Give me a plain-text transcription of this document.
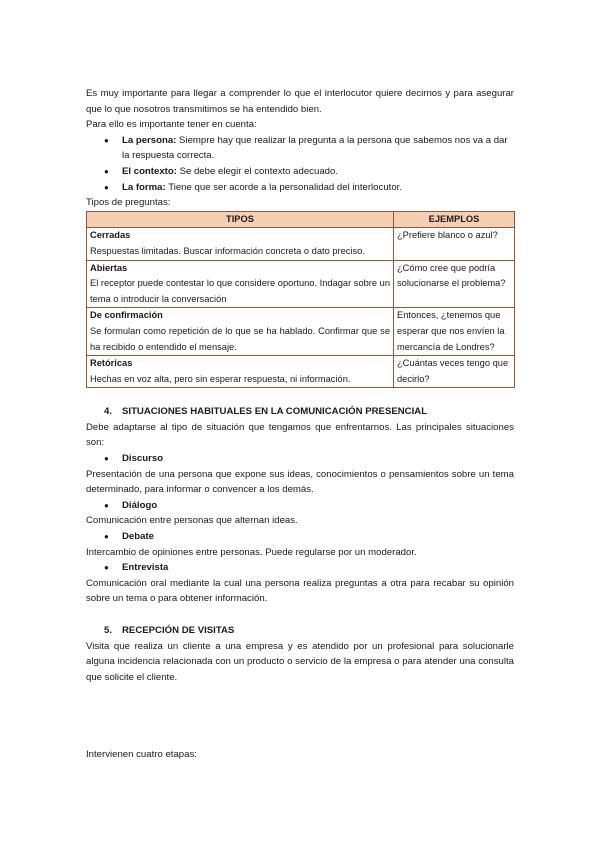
Es muy importante para llegar a comprender lo que el interlocutor quiere decirnos y para asegurar que lo que nosotros transmitimos se ha entendido bien.

Para ello es importante tener en cuenta:

● La persona: Siempre hay que realizar la pregunta a la persona que sabemos nos va a dar la respuesta correcta.
● El contexto: Se debe elegir el contexto adecuado.
● La forma: Tiene que ser acorde a la personalidad del interlocutor.

Tipos de preguntas:

TIPOS	EJEMPLOS

Cerradas
Respuestas limitadas. Buscar información concreta o dato preciso.	¿Prefiere blanco o azul?

Abiertas
El receptor puede contestar lo que considere oportuno. Indagar sobre un tema o introducir la conversación	¿Cómo cree que podría solucionarse el problema?

De confirmación
Se formulan como repetición de lo que se ha hablado. Confirmar que se ha recibido o entendido el mensaje.	Entonces, ¿tenemos que esperar que nos envíen la mercancía de Londres?

Retóricas
Hechas en voz alta, pero sin esperar respuesta, ni información.	¿Cuántas veces tengo que decirlo?

4. SITUACIONES HABITUALES EN LA COMUNICACIÓN PRESENCIAL

Debe adaptarse al tipo de situación que tengamos que enfrentarnos. Las principales situaciones son:

● Discurso

Presentación de una persona que expone sus ideas, conocimientos o pensamientos sobre un tema determinado, para informar o convencer a los demás.

● Diálogo

Comunicación entre personas que alternan ideas.

● Debate

Intercambio de opiniones entre personas. Puede regularse por un moderador.

● Entrevista

Comunicación oral mediante la cual una persona realiza preguntas a otra para recabar su opinión sobre un tema o para obtener información.

5. RECEPCIÓN DE VISITAS

Visita que realiza un cliente a una empresa y es atendido por un profesional para solucionarle alguna incidencia relacionada con un producto o servicio de la empresa o para atender una consulta que solicite el cliente.

Intervienen cuatro etapas:
